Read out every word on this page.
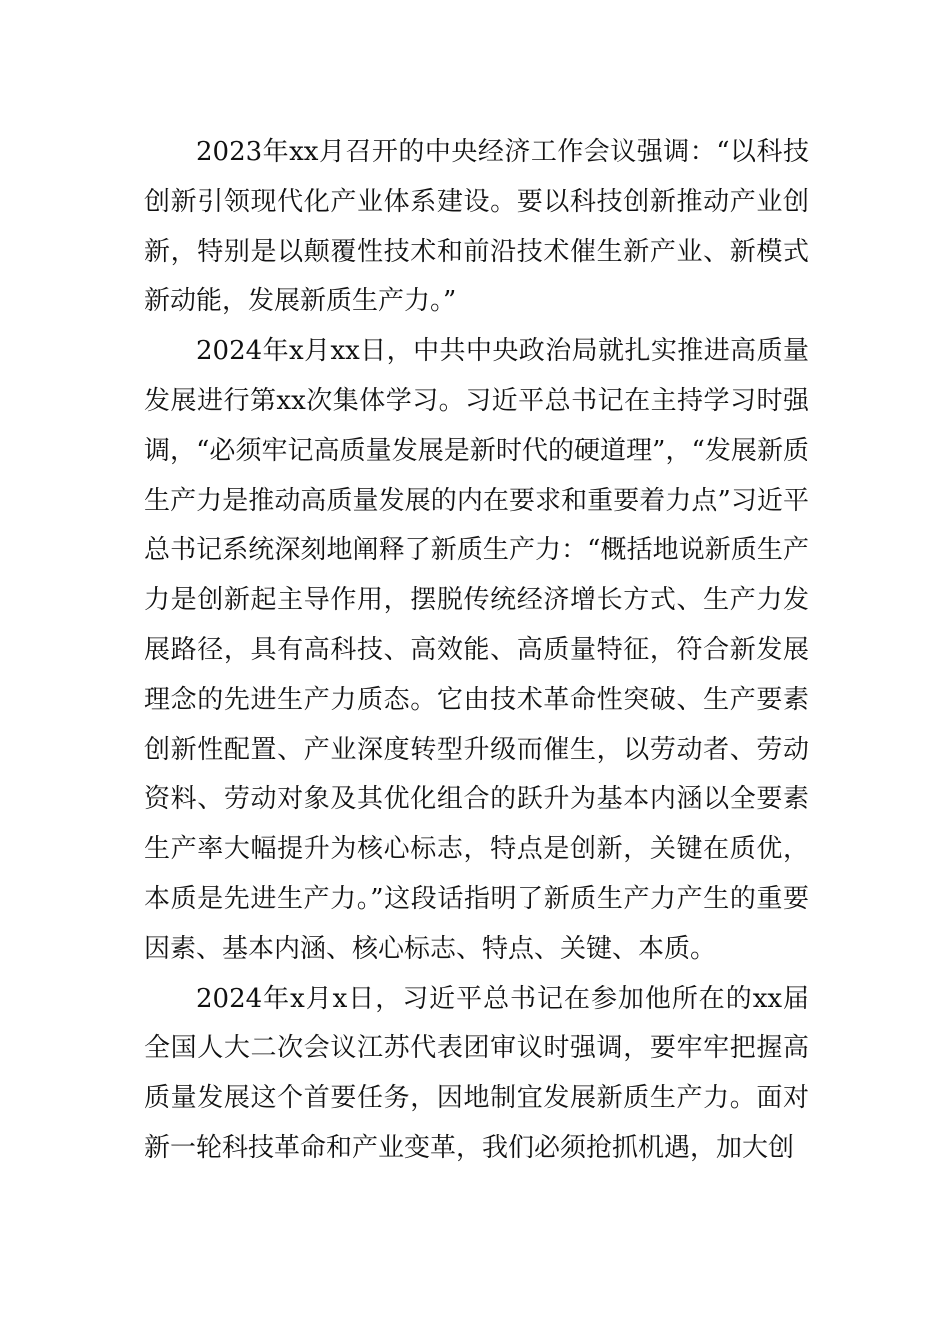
2023年xx月召开的中央经济工作会议强调：“以科技创新引领现代化产业体系建设。要以科技创新推动产业创新，特别是以颠覆性技术和前沿技术催生新产业、新模式新动能，发展新质生产力。”

2024年x月xx日，中共中央政治局就扎实推进高质量发展进行第xx次集体学习。习近平总书记在主持学习时强调，“必须牢记高质量发展是新时代的硬道理”，“发展新质生产力是推动高质量发展的内在要求和重要着力点”习近平总书记系统深刻地阐释了新质生产力：“概括地说新质生产力是创新起主导作用，摆脱传统经济增长方式、生产力发展路径，具有高科技、高效能、高质量特征，符合新发展理念的先进生产力质态。它由技术革命性突破、生产要素创新性配置、产业深度转型升级而催生，以劳动者、劳动资料、劳动对象及其优化组合的跃升为基本内涵以全要素生产率大幅提升为核心标志，特点是创新，关键在质优，本质是先进生产力。”这段话指明了新质生产力产生的重要因素、基本内涵、核心标志、特点、关键、本质。

2024年x月x日，习近平总书记在参加他所在的xx届全国人大二次会议江苏代表团审议时强调，要牢牢把握高质量发展这个首要任务，因地制宜发展新质生产力。面对新一轮科技革命和产业变革，我们必须抢抓机遇，加大创
